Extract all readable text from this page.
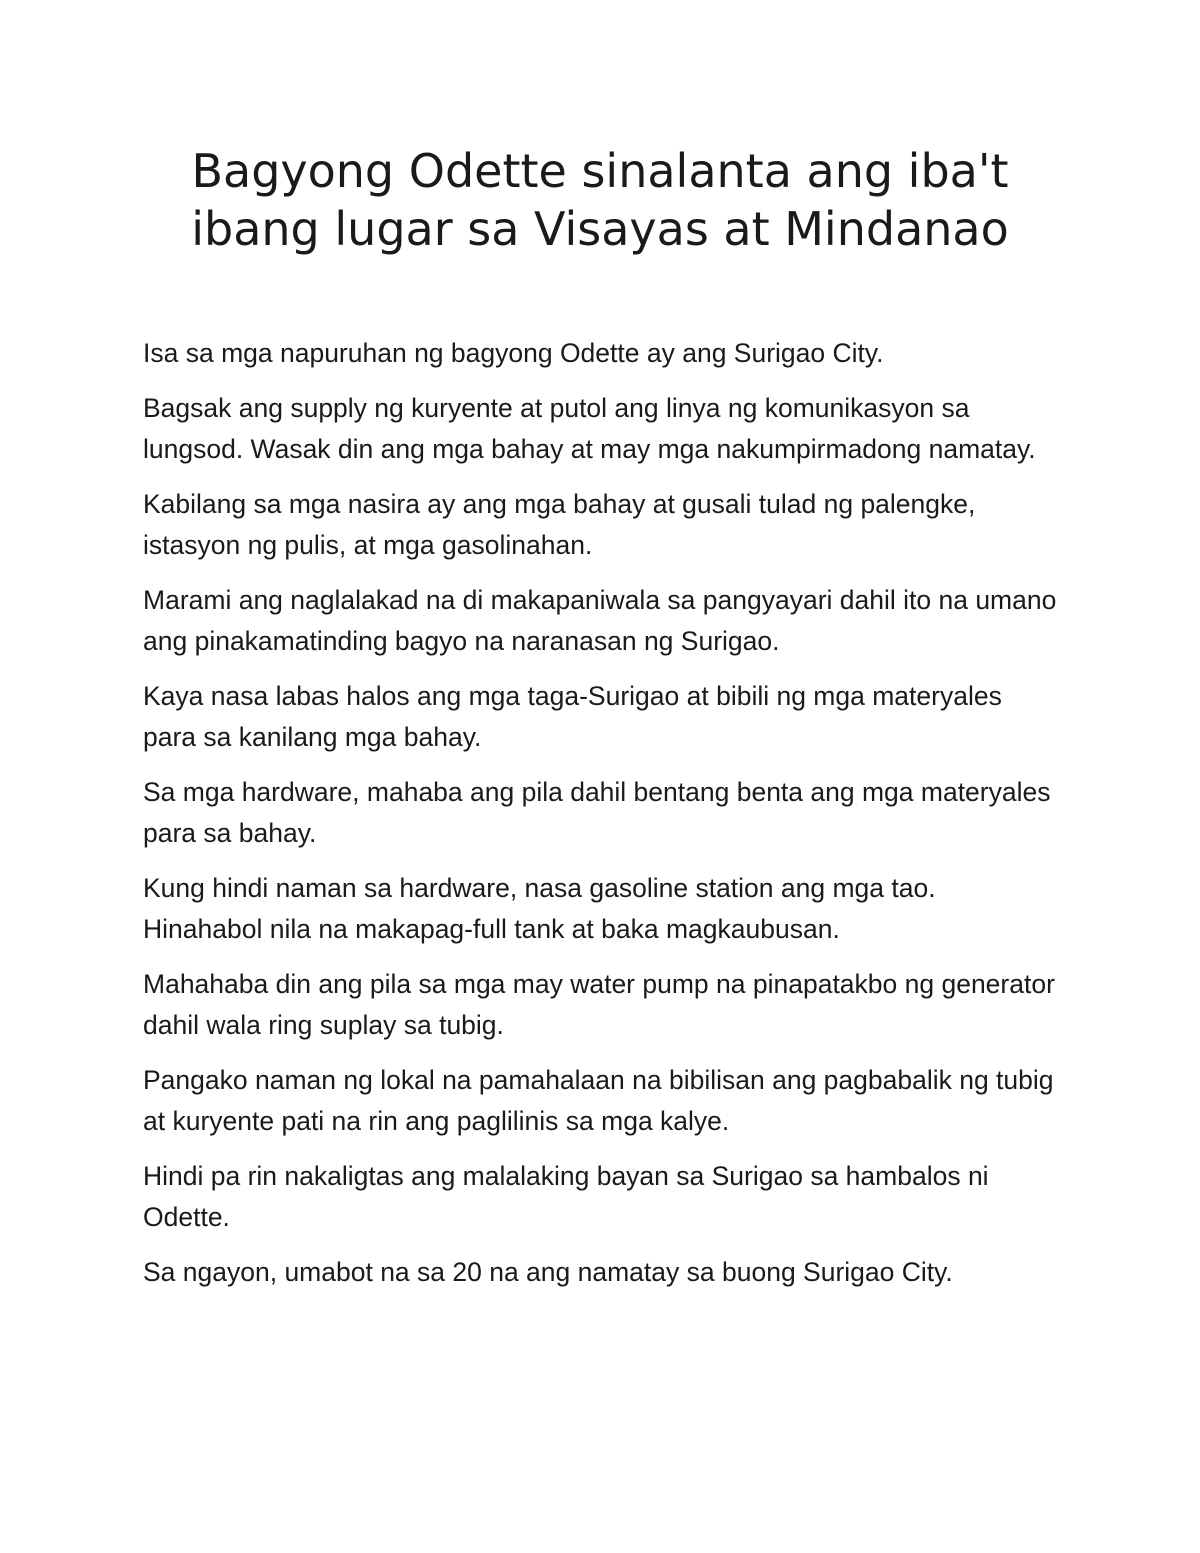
Bagyong Odette sinalanta ang iba't ibang lugar sa Visayas at Mindanao

Isa sa mga napuruhan ng bagyong Odette ay ang Surigao City.

Bagsak ang supply ng kuryente at putol ang linya ng komunikasyon sa lungsod. Wasak din ang mga bahay at may mga nakumpirmadong namatay.

Kabilang sa mga nasira ay ang mga bahay at gusali tulad ng palengke, istasyon ng pulis, at mga gasolinahan.

Marami ang naglalakad na di makapaniwala sa pangyayari dahil ito na umano ang pinakamatinding bagyo na naranasan ng Surigao.

Kaya nasa labas halos ang mga taga-Surigao at bibili ng mga materyales para sa kanilang mga bahay.

Sa mga hardware, mahaba ang pila dahil bentang benta ang mga materyales para sa bahay.

Kung hindi naman sa hardware, nasa gasoline station ang mga tao. Hinahabol nila na makapag-full tank at baka magkaubusan.

Mahahaba din ang pila sa mga may water pump na pinapatakbo ng generator dahil wala ring suplay sa tubig.

Pangako naman ng lokal na pamahalaan na bibilisan ang pagbabalik ng tubig at kuryente pati na rin ang paglilinis sa mga kalye.

Hindi pa rin nakaligtas ang malalaking bayan sa Surigao sa hambalos ni Odette.

Sa ngayon, umabot na sa 20 na ang namatay sa buong Surigao City.
